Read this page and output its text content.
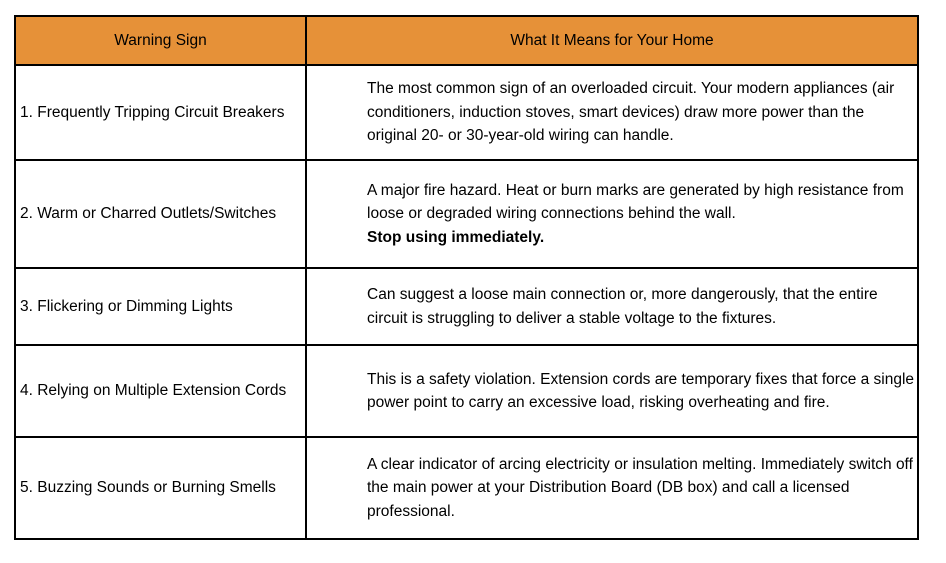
Warning Sign	What It Means for Your Home
1. Frequently Tripping Circuit Breakers	The most common sign of an overloaded circuit. Your modern appliances (air conditioners, induction stoves, smart devices) draw more power than the original 20- or 30-year-old wiring can handle.
2. Warm or Charred Outlets/Switches	A major fire hazard. Heat or burn marks are generated by high resistance from loose or degraded wiring connections behind the wall.
Stop using immediately.
3. Flickering or Dimming Lights	Can suggest a loose main connection or, more dangerously, that the entire circuit is struggling to deliver a stable voltage to the fixtures.
4. Relying on Multiple Extension Cords	This is a safety violation. Extension cords are temporary fixes that force a single power point to carry an excessive load, risking overheating and fire.
5. Buzzing Sounds or Burning Smells	A clear indicator of arcing electricity or insulation melting. Immediately switch off the main power at your Distribution Board (DB box) and call a licensed professional.
